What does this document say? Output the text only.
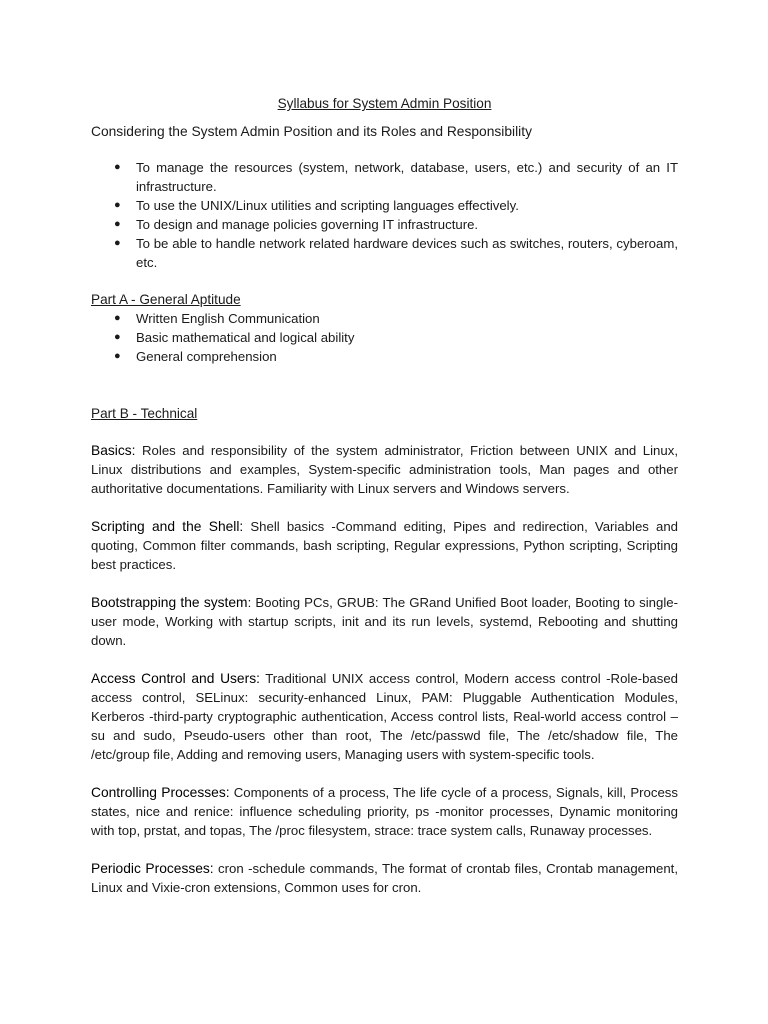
Syllabus for System Admin Position
Considering the System Admin Position and its Roles and Responsibility
● To manage the resources (system, network, database, users, etc.) and security of an IT infrastructure.
● To use the UNIX/Linux utilities and scripting languages effectively.
● To design and manage policies governing IT infrastructure.
● To be able to handle network related hardware devices such as switches, routers, cyberoam, etc.
Part A - General Aptitude
● Written English Communication
● Basic mathematical and logical ability
● General comprehension
Part B - Technical

Basics: Roles and responsibility of the system administrator, Friction between UNIX and Linux, Linux distributions and examples, System-specific administration tools, Man pages and other authoritative documentations. Familiarity with Linux servers and Windows servers.

Scripting and the Shell: Shell basics -Command editing, Pipes and redirection, Variables and quoting, Common filter commands, bash scripting, Regular expressions, Python scripting, Scripting best practices.

Bootstrapping the system: Booting PCs, GRUB: The GRand Unified Boot loader, Booting to single-user mode, Working with startup scripts, init and its run levels, systemd, Rebooting and shutting down.

Access Control and Users: Traditional UNIX access control, Modern access control -Role-based access control, SELinux: security-enhanced Linux, PAM: Pluggable Authentication Modules, Kerberos -third-party cryptographic authentication, Access control lists, Real-world access control –su and sudo, Pseudo-users other than root, The /etc/passwd file, The /etc/shadow file, The /etc/group file, Adding and removing users, Managing users with system-specific tools.

Controlling Processes: Components of a process, The life cycle of a process, Signals, kill, Process states, nice and renice: influence scheduling priority, ps -monitor processes, Dynamic monitoring with top, prstat, and topas, The /proc filesystem, strace: trace system calls, Runaway processes.

Periodic Processes: cron -schedule commands, The format of crontab files, Crontab management, Linux and Vixie-cron extensions, Common uses for cron.
